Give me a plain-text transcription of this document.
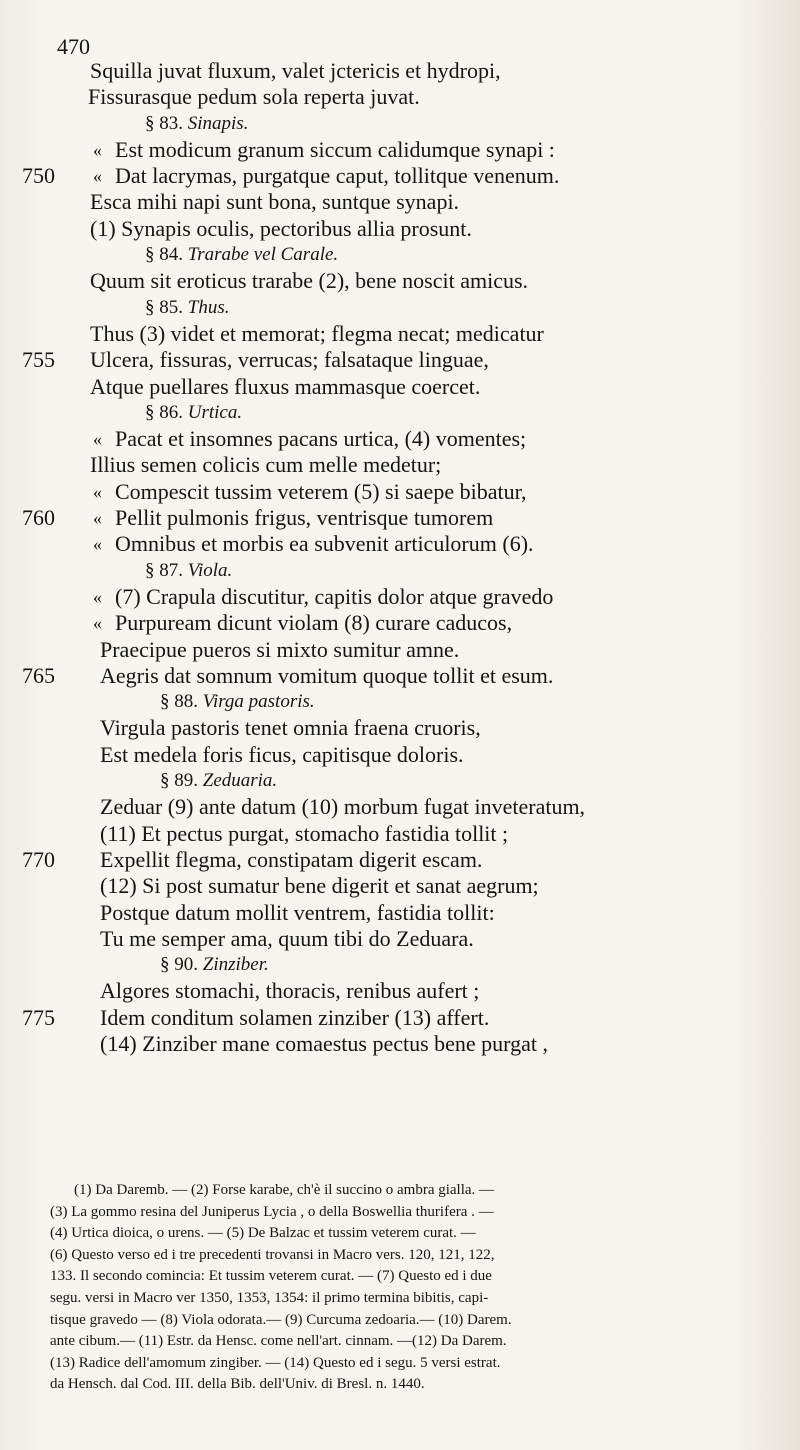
470
Squilla juvat fluxum, valet jctericis et hydropi,
Fissurasque pedum sola reperta juvat.
§ 83. Sinapis.
« Est modicum granum siccum calidumque synapi :
750	« Dat lacrymas, purgatque caput, tollitque venenum.
Esca mihi napi sunt bona, suntque synapi.
(1) Synapis oculis, pectoribus allia prosunt.
§ 84. Trarabe vel Carale.
Quum sit eroticus trarabe (2), bene noscit amicus.
§ 85. Thus.
Thus (3) videt et memorat; flegma necat; medicatur
755	Ulcera, fissuras, verrucas; falsataque linguae,
Atque puellares fluxus mammasque coercet.
§ 86. Urtica.
« Pacat et insomnes pacans urtica, (4) vomentes;
Illius semen colicis cum melle medetur;
« Compescit tussim veterem (5) si saepe bibatur,
760	« Pellit pulmonis frigus, ventrisque tumorem
« Omnibus et morbis ea subvenit articulorum (6).
§ 87. Viola.
« (7) Crapula discutitur, capitis dolor atque gravedo
« Purpuream dicunt violam (8) curare caducos,
Praecipue pueros si mixto sumitur amne.
765	Aegris dat somnum vomitum quoque tollit et esum.
§ 88. Virga pastoris.
Virgula pastoris tenet omnia fraena cruoris,
Est medela foris ficus, capitisque doloris.
§ 89. Zeduaria.
Zeduar (9) ante datum (10) morbum fugat inveteratum,
(11) Et pectus purgat, stomacho fastidia tollit ;
770	Expellit flegma, constipatam digerit escam.
(12) Si post sumatur bene digerit et sanat aegrum;
Postque datum mollit ventrem, fastidia tollit:
Tu me semper ama, quum tibi do Zeduara.
§ 90. Zinziber.
Algores stomachi, thoracis, renibus aufert ;
775	Idem conditum solamen zinziber (13) affert.
(14) Zinziber mane comaestus pectus bene purgat ,
(1) Da Daremb. — (2) Forse karabe, ch'è il succino o ambra gialla. —
(3) La gommo resina del Juniperus Lycia , o della Boswellia thurifera . —
(4) Urtica dioica, o urens. — (5) De Balzac et tussim veterem curat. —
(6) Questo verso ed i tre precedenti trovansi in Macro vers. 120, 121, 122,
133. Il secondo comincia: Et tussim veterem curat. — (7) Questo ed i due
segu. versi in Macro ver 1350, 1353, 1354: il primo termina bibitis, capi-
tisque gravedo — (8) Viola odorata.— (9) Curcuma zedoaria.— (10) Darem.
ante cibum.— (11) Estr. da Hensc. come nell'art. cinnam. —(12) Da Darem.
(13) Radice dell'amomum zingiber. — (14) Questo ed i segu. 5 versi estrat.
da Hensch. dal Cod. III. della Bib. dell'Univ. di Bresl. n. 1440.
